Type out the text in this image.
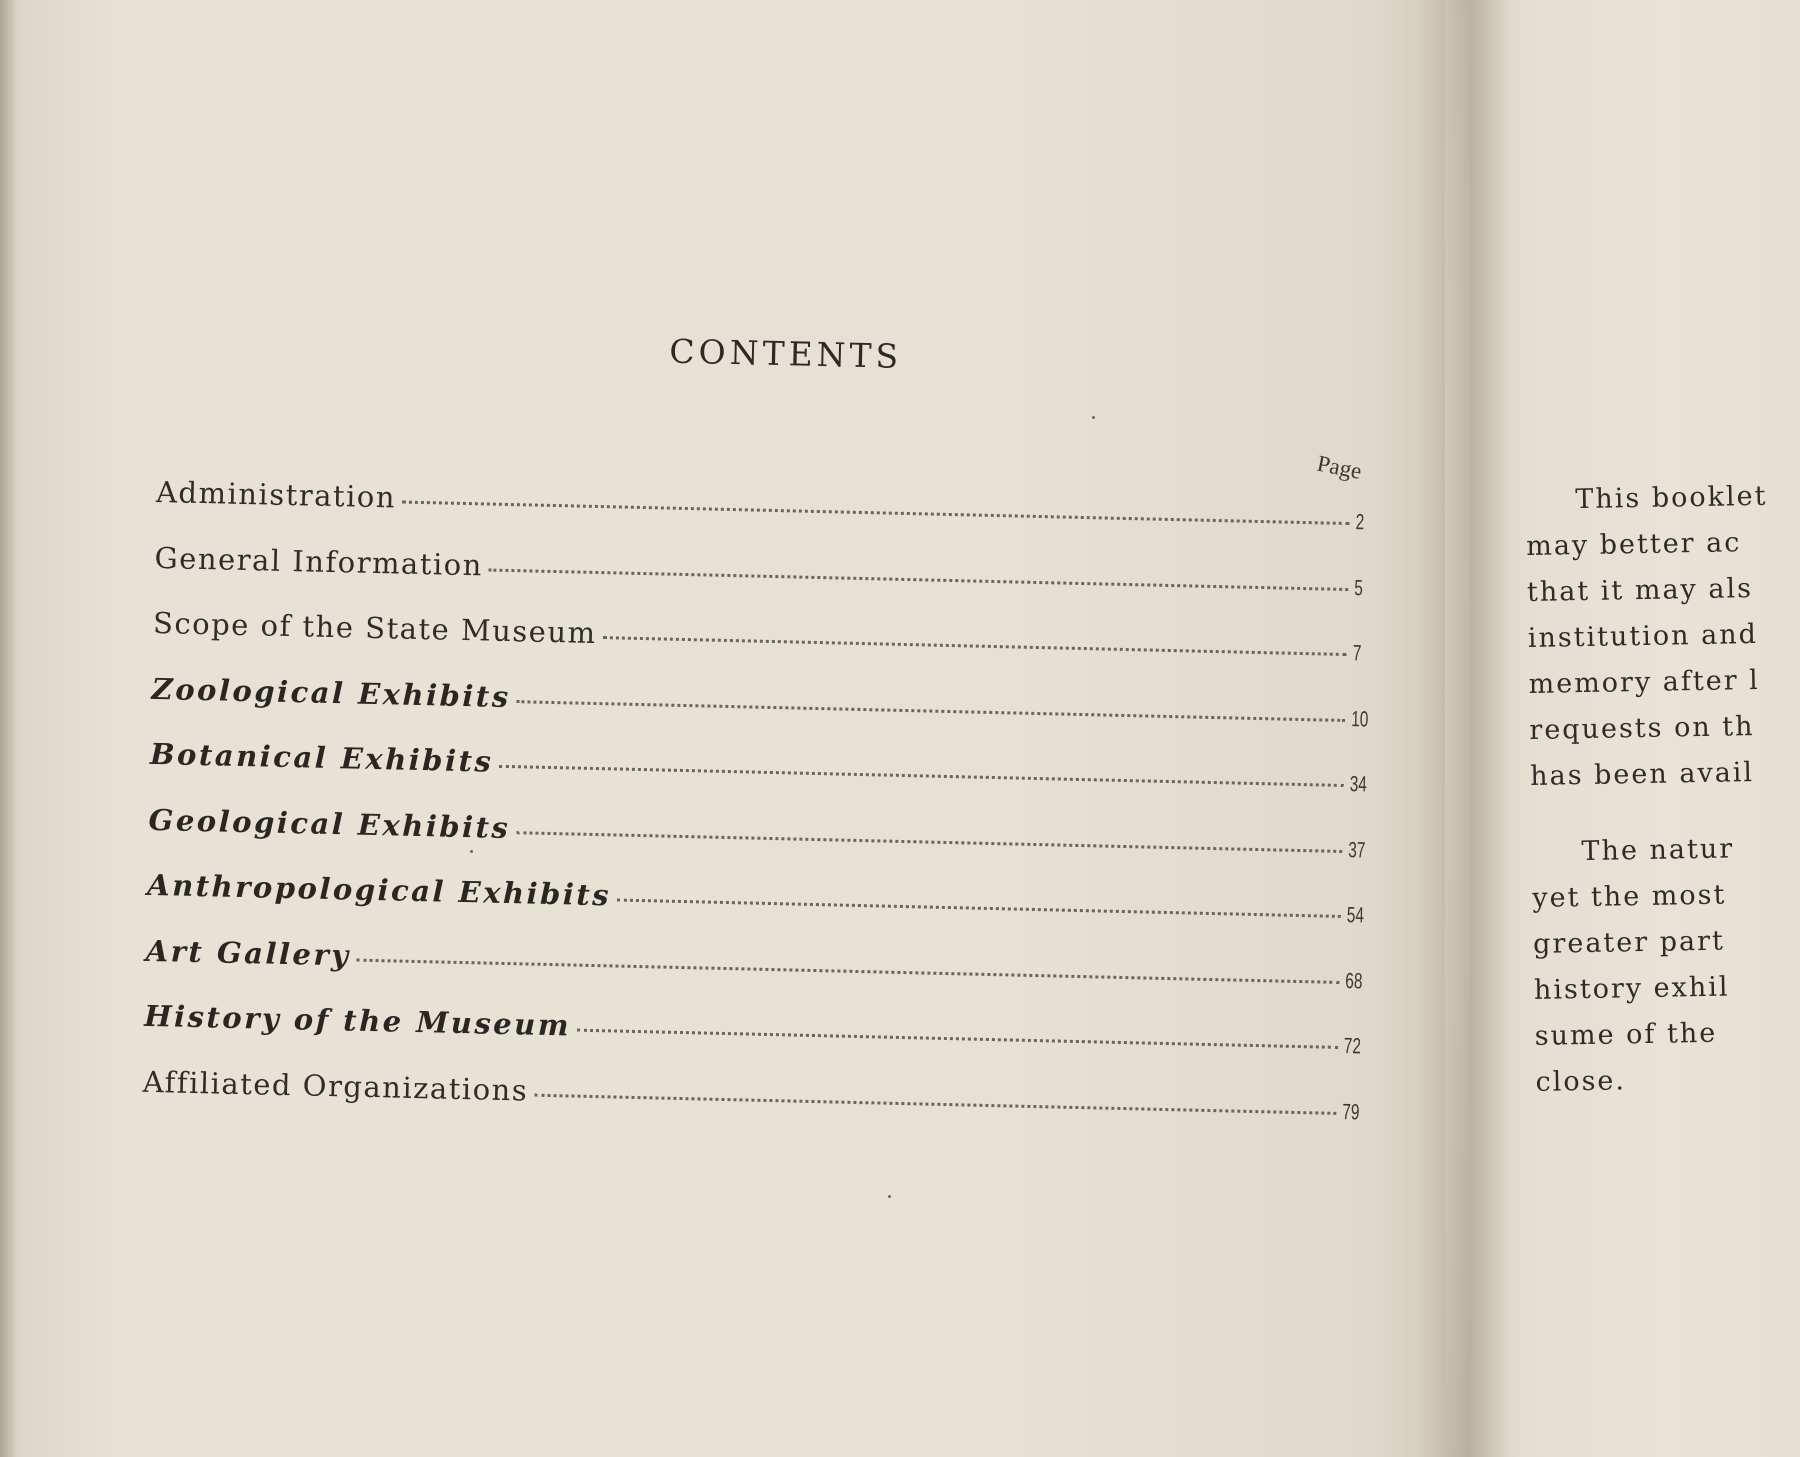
CONTENTS
Page
Administration
2
General Information
5
Scope of the State Museum
7
Zoological Exhibits
10
Botanical Exhibits
34
Geological Exhibits
37
Anthropological Exhibits
54
Art Gallery
68
History of the Museum
72
Affiliated Organizations
79

This booklet

may better ac

that it may als

institution and

memory after l

requests on th

has been avail

The natur

yet the most

greater part

history exhil

sume of the

close.
